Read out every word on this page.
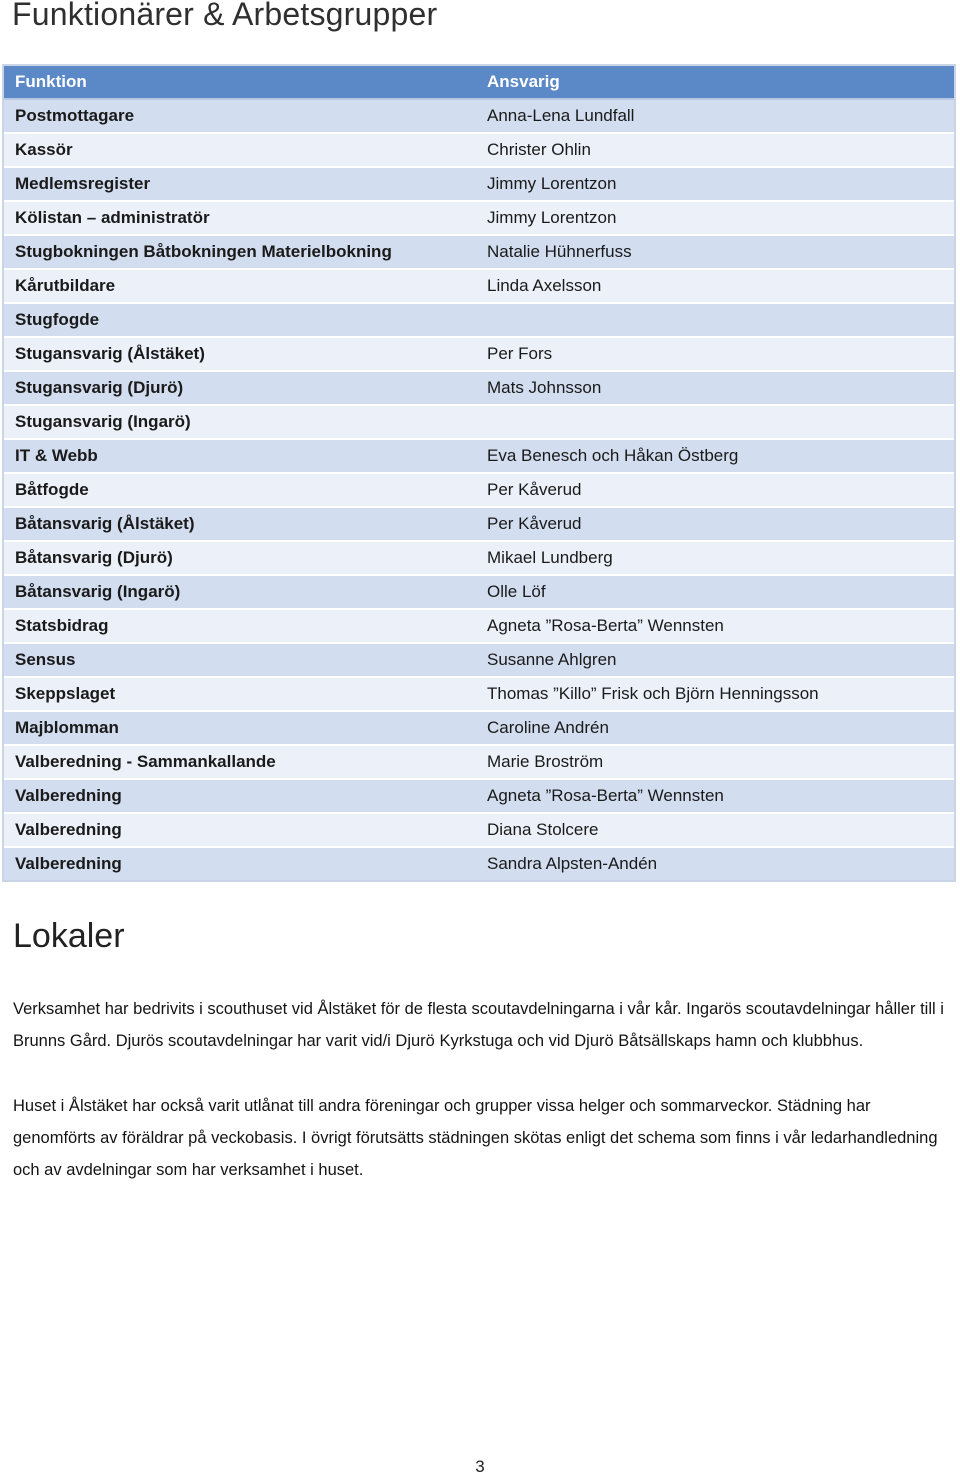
Funktionärer & Arbetsgrupper
Funktion	Ansvarig
Postmottagare	Anna-Lena Lundfall
Kassör	Christer Ohlin
Medlemsregister	Jimmy Lorentzon
Kölistan – administratör	Jimmy Lorentzon
Stugbokningen Båtbokningen Materielbokning	Natalie Hühnerfuss
Kårutbildare	Linda Axelsson
Stugfogde	
Stugansvarig (Ålstäket)	Per Fors
Stugansvarig (Djurö)	Mats Johnsson
Stugansvarig (Ingarö)	
IT & Webb	Eva Benesch och Håkan Östberg
Båtfogde	Per Kåverud
Båtansvarig (Ålstäket)	Per Kåverud
Båtansvarig (Djurö)	Mikael Lundberg
Båtansvarig (Ingarö)	Olle Löf
Statsbidrag	Agneta ”Rosa-Berta” Wennsten
Sensus	Susanne Ahlgren
Skeppslaget	Thomas ”Killo” Frisk och Björn Henningsson
Majblomman	Caroline Andrén
Valberedning - Sammankallande	Marie Broström
Valberedning	Agneta ”Rosa-Berta” Wennsten
Valberedning	Diana Stolcere
Valberedning	Sandra Alpsten-Andén
Lokaler

Verksamhet har bedrivits i scouthuset vid Ålstäket för de flesta scoutavdelningarna i vår kår. Ingarös scoutavdelningar håller till i Brunns Gård. Djurös scoutavdelningar har varit vid/i Djurö Kyrkstuga och vid Djurö Båtsällskaps hamn och klubbhus.

Huset i Ålstäket har också varit utlånat till andra föreningar och grupper vissa helger och sommarveckor. Städning har genomförts av föräldrar på veckobasis. I övrigt förutsätts städningen skötas enligt det schema som finns i vår ledarhandledning och av avdelningar som har verksamhet i huset.

3
